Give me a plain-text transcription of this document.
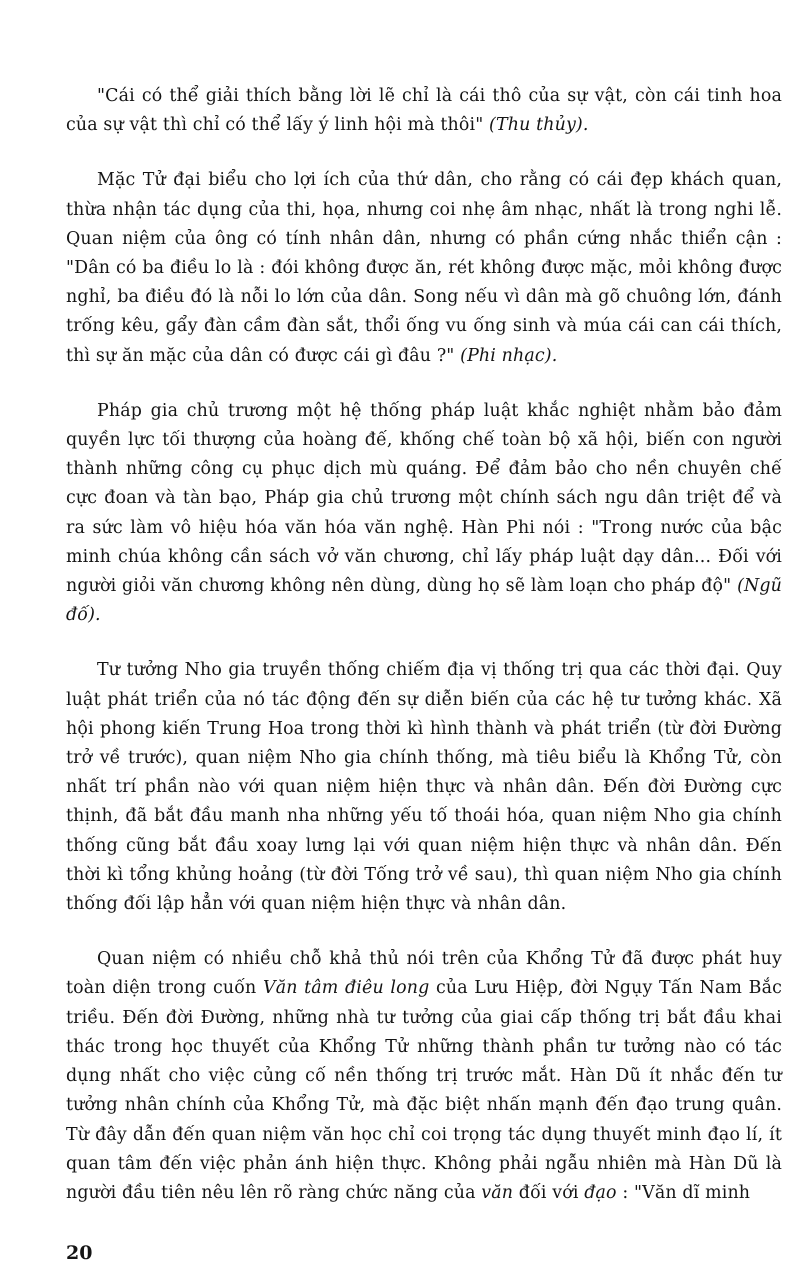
"Cái có thể giải thích bằng lời lẽ chỉ là cái thô của sự vật, còn cái tinh hoa của sự vật thì chỉ có thể lấy ý linh hội mà thôi" (Thu thủy).

Mặc Tử đại biểu cho lợi ích của thứ dân, cho rằng có cái đẹp khách quan, thừa nhận tác dụng của thi, họa, nhưng coi nhẹ âm nhạc, nhất là trong nghi lễ. Quan niệm của ông có tính nhân dân, nhưng có phần cứng nhắc thiển cận : "Dân có ba điều lo là : đói không được ăn, rét không được mặc, mỏi không được nghỉ, ba điều đó là nỗi lo lớn của dân. Song nếu vì dân mà gõ chuông lớn, đánh trống kêu, gẩy đàn cầm đàn sắt, thổi ống vu ống sinh và múa cái can cái thích, thì sự ăn mặc của dân có được cái gì đâu ?" (Phi nhạc).

Pháp gia chủ trương một hệ thống pháp luật khắc nghiệt nhằm bảo đảm quyền lực tối thượng của hoàng đế, khống chế toàn bộ xã hội, biến con người thành những công cụ phục dịch mù quáng. Để đảm bảo cho nền chuyên chế cực đoan và tàn bạo, Pháp gia chủ trương một chính sách ngu dân triệt để và ra sức làm vô hiệu hóa văn hóa văn nghệ. Hàn Phi nói : "Trong nước của bậc minh chúa không cần sách vở văn chương, chỉ lấy pháp luật dạy dân... Đối với người giỏi văn chương không nên dùng, dùng họ sẽ làm loạn cho pháp độ" (Ngũ đố).

Tư tưởng Nho gia truyền thống chiếm địa vị thống trị qua các thời đại. Quy luật phát triển của nó tác động đến sự diễn biến của các hệ tư tưởng khác. Xã hội phong kiến Trung Hoa trong thời kì hình thành và phát triển (từ đời Đường trở về trước), quan niệm Nho gia chính thống, mà tiêu biểu là Khổng Tử, còn nhất trí phần nào với quan niệm hiện thực và nhân dân. Đến đời Đường cực thịnh, đã bắt đầu manh nha những yếu tố thoái hóa, quan niệm Nho gia chính thống cũng bắt đầu xoay lưng lại với quan niệm hiện thực và nhân dân. Đến thời kì tổng khủng hoảng (từ đời Tống trở về sau), thì quan niệm Nho gia chính thống đối lập hẳn với quan niệm hiện thực và nhân dân.

Quan niệm có nhiều chỗ khả thủ nói trên của Khổng Tử đã được phát huy toàn diện trong cuốn Văn tâm điêu long của Lưu Hiệp, đời Ngụy Tấn Nam Bắc triều. Đến đời Đường, những nhà tư tưởng của giai cấp thống trị bắt đầu khai thác trong học thuyết của Khổng Tử những thành phần tư tưởng nào có tác dụng nhất cho việc củng cố nền thống trị trước mắt. Hàn Dũ ít nhắc đến tư tưởng nhân chính của Khổng Tử, mà đặc biệt nhấn mạnh đến đạo trung quân. Từ đây dẫn đến quan niệm văn học chỉ coi trọng tác dụng thuyết minh đạo lí, ít quan tâm đến việc phản ánh hiện thực. Không phải ngẫu nhiên mà Hàn Dũ là người đầu tiên nêu lên rõ ràng chức năng của văn đối với đạo : "Văn dĩ minh

20
